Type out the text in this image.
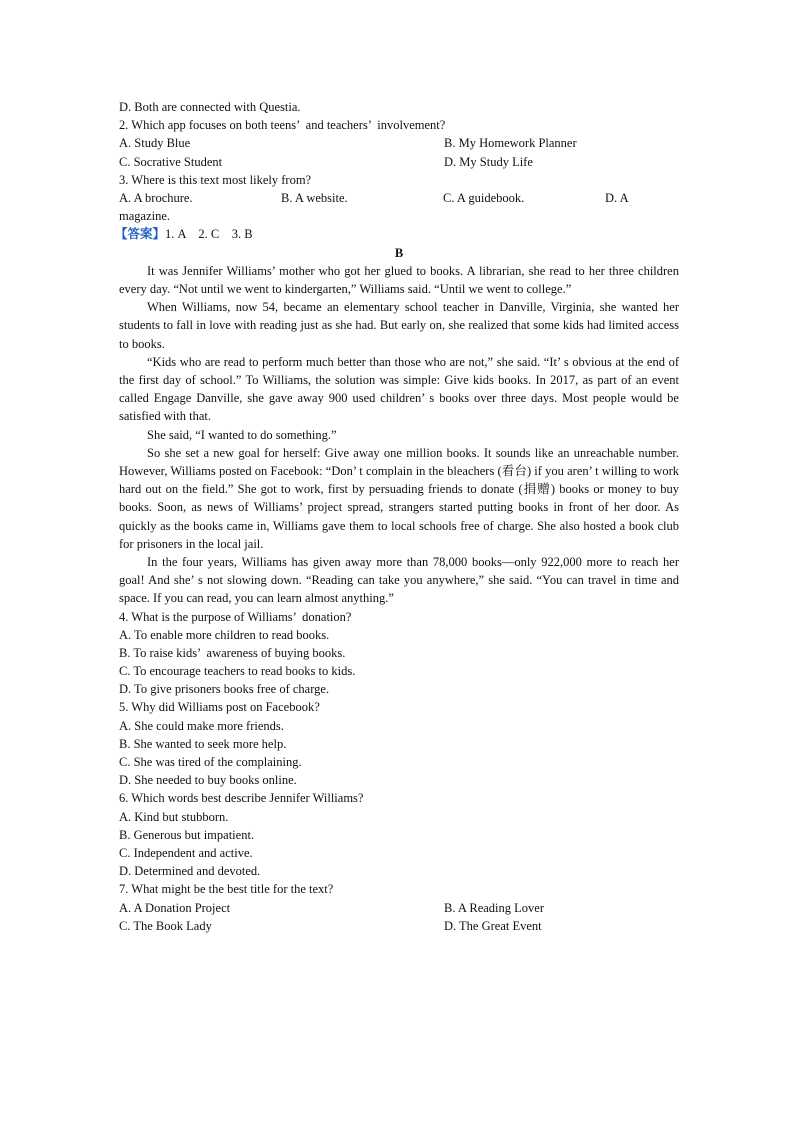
D. Both are connected with Questia.
2. Which app focuses on both teens’  and teachers’  involvement?
A. Study Blue	B. My Homework Planner
C. Socrative Student	D. My Study Life
3. Where is this text most likely from?
A. A brochure.	B. A website.	C. A guidebook.	D. A
magazine.
【答案】1. A    2. C    3. B
B
It was Jennifer Williams’ mother who got her glued to books. A librarian, she read to her three children every day. “Not until we went to kindergarten,” Williams said. “Until we went to college.”
When Williams, now 54, became an elementary school teacher in Danville, Virginia, she wanted her students to fall in love with reading just as she had. But early on, she realized that some kids had limited access to books.
“Kids who are read to perform much better than those who are not,” she said. “It’ s obvious at the end of the first day of school.” To Williams, the solution was simple: Give kids books. In 2017, as part of an event called Engage Danville, she gave away 900 used children’ s books over three days. Most people would be satisfied with that.
She said, “I wanted to do something.”
So she set a new goal for herself: Give away one million books. It sounds like an unreachable number. However, Williams posted on Facebook: “Don’ t complain in the bleachers (看台) if you aren’ t willing to work hard out on the field.” She got to work, first by persuading friends to donate (捐赠) books or money to buy books. Soon, as news of Williams’ project spread, strangers started putting books in front of her door. As quickly as the books came in, Williams gave them to local schools free of charge. She also hosted a book club for prisoners in the local jail.
In the four years, Williams has given away more than 78,000 books—only 922,000 more to reach her goal! And she’ s not slowing down. “Reading can take you anywhere,” she said. “You can travel in time and space. If you can read, you can learn almost anything.”
4. What is the purpose of Williams’  donation?
A. To enable more children to read books.
B. To raise kids’  awareness of buying books.
C. To encourage teachers to read books to kids.
D. To give prisoners books free of charge.
5. Why did Williams post on Facebook?
A. She could make more friends.
B. She wanted to seek more help.
C. She was tired of the complaining.
D. She needed to buy books online.
6. Which words best describe Jennifer Williams?
A. Kind but stubborn.
B. Generous but impatient.
C. Independent and active.
D. Determined and devoted.
7. What might be the best title for the text?
A. A Donation Project	B. A Reading Lover
C. The Book Lady	D. The Great Event
